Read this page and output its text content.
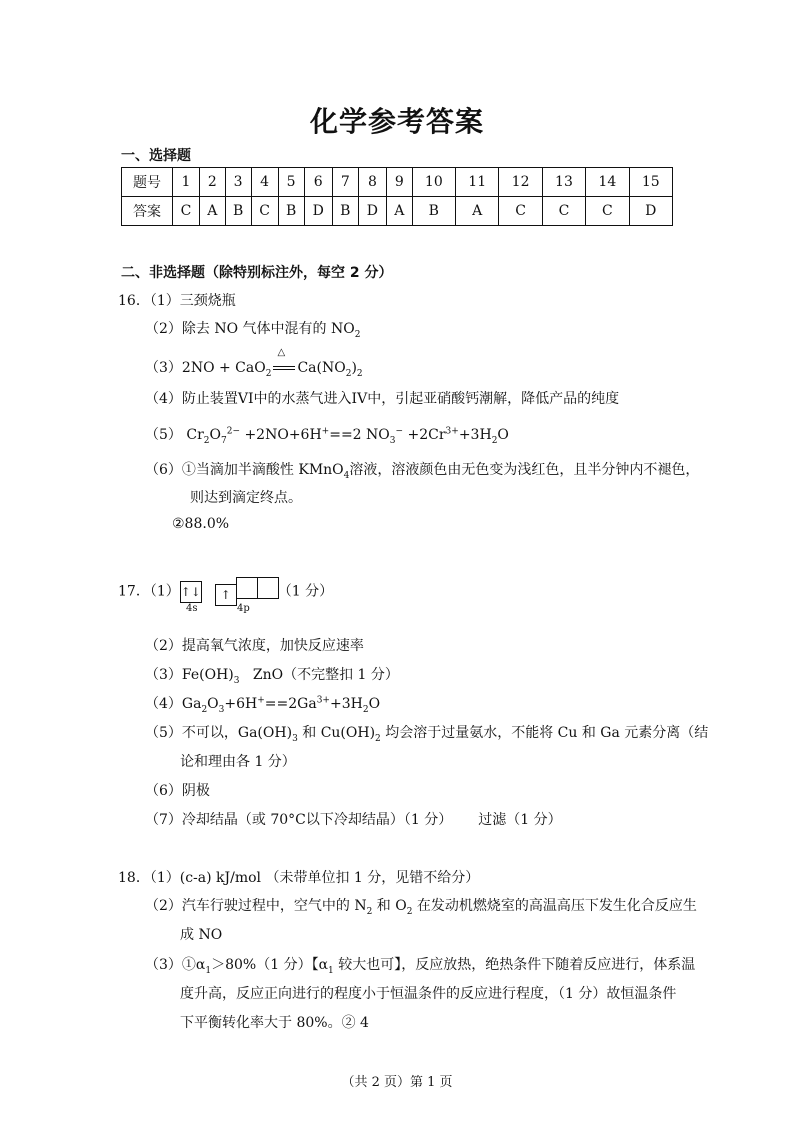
化学参考答案
一、选择题
题号	1	2	3	4	5	6	7	8	9	10	11	12	13	14	15
答案	C	A	B	C	B	D	B	D	A	B	A	C	C	C	D
二、非选择题（除特别标注外，每空 2 分）
16．（1）三颈烧瓶
（2）除去 NO 气体中混有的 $NO_2$
（3）2NO + CaO$_2$
△
$Ca(NO_2)_2$
（4）防止装置VI中的水蒸气进入IV中，引起亚硝酸钙潮解，降低产品的纯度
（5） $Cr_2O_7^{2-} +2NO+6H^+==2$ $NO_3^- +2Cr^{3+}+3H_2O$
（6）①当滴加半滴酸性 KMnO$_4$溶液，溶液颜色由无色变为浅红色，且半分钟内不褪色，
则达到滴定终点。
②88.0%
17．（1）↑↓ ↑	（1 分）
4s	4p
（2）提高氧气浓度，加快反应速率
$(3)Fe(OH)_3$   ZnO（不完整扣 1 分）
$(4)Ga_2O_3+6H^+==2Ga^{3+}+3H_2O$
（5）不可以，$Ga(OH)_3$ 和 $Cu(OH)_2$ 均会溶于过量氨水，不能将 Cu 和 Ga 元素分离（结
论和理由各 1 分）
（6）阴极
（7）冷却结晶（或 70°C以下冷却结晶）（1 分） 过滤（1 分）
18．（1）(c-a) kJ/mol （未带单位扣 1 分，见错不给分）
（2）汽车行驶过程中，空气中的 $N_2$ 和 $O_2$ 在发动机燃烧室的高温高压下发生化合反应生
成 NO
$(3)①\alpha_1>80\%(1$ 分）【$\alpha_1$ 较大也可】，反应放热，绝热条件下随着反应进行，体系温
度升高，反应正向进行的程度小于恒温条件的反应进行程度，（1 分）故恒温条件
下平衡转化率大于 80%。② 4
（共 2 页）第 1 页
